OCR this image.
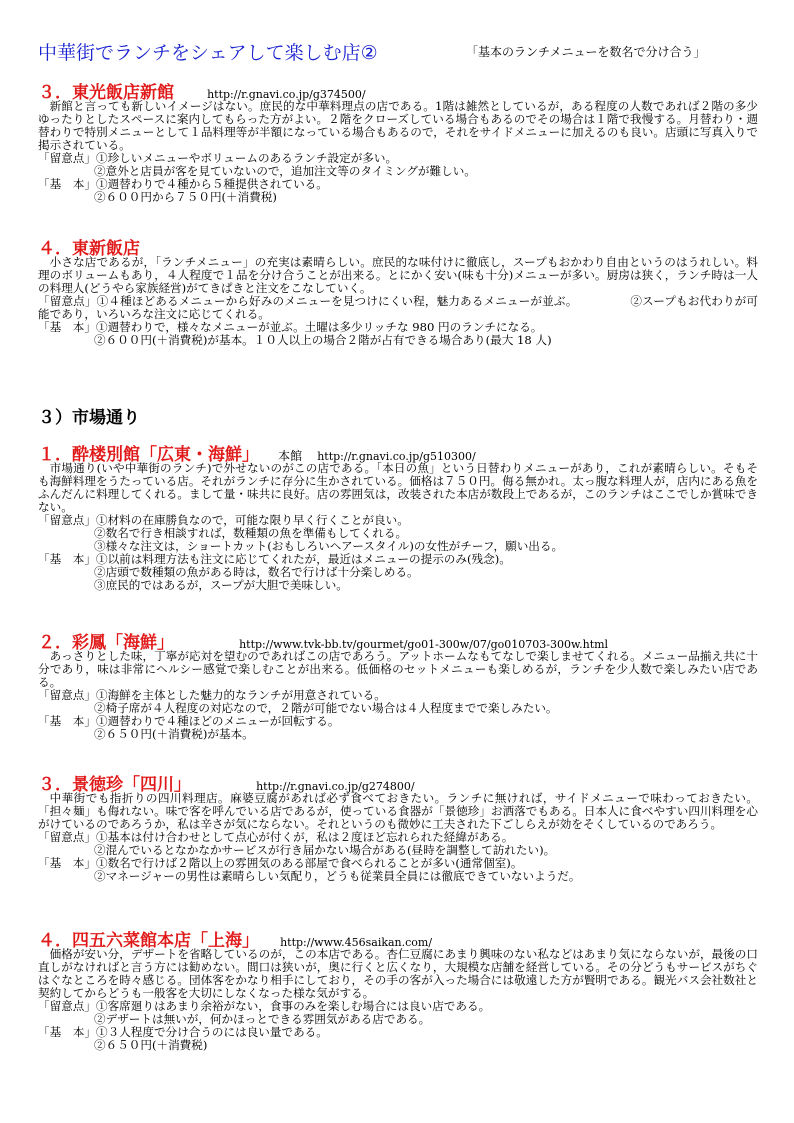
中華街でランチをシェアして楽しむ店②	「基本のランチメニューを数名で分け合う」
３．東光飯店新館	http://r.gnavi.co.jp/g374500/

新館と言っても新しいイメージはない。庶民的な中華料理点の店である。1階は雑然としているが，ある程度の人数であれば２階の多少ゆったりとしたスペースに案内してもらった方がよい。２階をクローズしている場合もあるのでその場合は１階で我慢する。月替わり・週替わりで特別メニューとして１品料理等が半額になっている場合もあるので，それをサイドメニューに加えるのも良い。店頭に写真入りで掲示されている。

「留意点」①珍しいメニューやボリュームのあるランチ設定が多い。
②意外と店員が客を見ていないので，追加注文等のタイミングが難しい。
「基　本」①週替わりで４種から５種提供されている。
②６００円から７５０円(＋消費税)
４．東新飯店

小さな店であるが，「ランチメニュー」の充実は素晴らしい。庶民的な味付けに徹底し，スープもおかわり自由というのはうれしい。料理のボリュームもあり，４人程度で１品を分け合うことが出来る。とにかく安い(味も十分)メニューが多い。厨房は狭く，ランチ時は一人の料理人(どうやら家族経営)がてきぱきと注文をこなしていく。

「留意点」①４種ほどあるメニューから好みのメニューを見つけにくい程，魅力あるメニューが並ぶ。　　　　　②スープもお代わりが可能であり，いろいろな注文に応じてくれる。

「基　本」①週替わりで，様々なメニューが並ぶ。土曜は多少リッチな 980 円のランチになる。
②６００円(＋消費税)が基本。１０人以上の場合２階が占有できる場合あり(最大 18 人)
３）市場通り
１．酔楼別館「広東・海鮮」 本館 http://r.gnavi.co.jp/g510300/

市場通り(いや中華街のランチ)で外せないのがこの店である。「本日の魚」という日替わりメニューがあり，これが素晴らしい。そもそも海鮮料理をうたっている店。それがランチに存分に生かされている。価格は７５０円。侮る無かれ。太っ腹な料理人が，店内にある魚をふんだんに料理してくれる。まして量・味共に良好。店の雰囲気は，改装された本店が数段上であるが，このランチはここでしか賞味できない。

「留意点」①材料の在庫勝負なので，可能な限り早く行くことが良い。
②数名で行き相談すれば，数種類の魚を準備もしてくれる。
③様々な注文は，ショートカット(おもしろいヘアースタイル)の女性がチーフ，願い出る。
「基　本」①以前は料理方法も注文に応じてくれたが，最近はメニューの提示のみ(残念)。
②店頭で数種類の魚がある時は，数名で行けば十分楽しめる。
③庶民的ではあるが，スープが大胆で美味しい。
２．彩鳳「海鮮」	http://www.tvk-bb.tv/gourmet/go01-300w/07/go010703-300w.html

あっさりとした味，丁寧が応対を望むのであればこの店であろう。アットホームなもてなしで楽しませてくれる。メニュー品揃え共に十分であり，味は非常にヘルシー感覚で楽しむことが出来る。低価格のセットメニューも楽しめるが，ランチを少人数で楽しみたい店である。

「留意点」①海鮮を主体とした魅力的なランチが用意されている。
②椅子席が４人程度の対応なので，２階が可能でない場合は４人程度までで楽しみたい。
「基　本」①週替わりで４種ほどのメニューが回転する。
②６５０円(＋消費税)が基本。
３．景徳珍「四川」	http://r.gnavi.co.jp/g274800/

中華街でも指折りの四川料理店。麻婆豆腐があれば必ず食べておきたい。ランチに無ければ，サイドメニューで味わっておきたい。「担々麺」も侮れない。味で客を呼んでいる店であるが，使っている食器が「景徳珍」お洒落でもある。日本人に食べやすい四川料理を心がけているのであろうか，私は辛さが気にならない。それというのも微妙に工夫された下ごしらえが効をそくしているのであろう。

「留意点」①基本は付け合わせとして点心が付くが，私は２度ほど忘れられた経緯がある。
②混んでいるとなかなかサービスが行き届かない場合がある(昼時を調整して訪れたい)。
「基　本」①数名で行けば２階以上の雰囲気のある部屋で食べられることが多い(通常個室)。
②マネージャーの男性は素晴らしい気配り，どうも従業員全員には徹底できていないようだ。
４．四五六菜館本店「上海」 http://www.456saikan.com/

価格が安い分，デザートを省略しているのが，この本店である。杏仁豆腐にあまり興味のない私などはあまり気にならないが，最後の口直しがなければと言う方には勧めない。間口は狭いが，奥に行くと広くなり，大規模な店舗を経営している。その分どうもサービスがちぐはぐなところを時々感じる。団体客をかなり相手にしており，その手の客が入った場合には敬遠した方が賢明である。観光バス会社数社と契約してからどうも一般客を大切にしなくなった様な気がする。

「留意点」①客席廻りはあまり余裕がない，食事のみを楽しむ場合には良い店である。
②デザートは無いが，何かほっとできる雰囲気がある店である。
「基　本」①３人程度で分け合うのには良い量である。
②６５０円(＋消費税)
